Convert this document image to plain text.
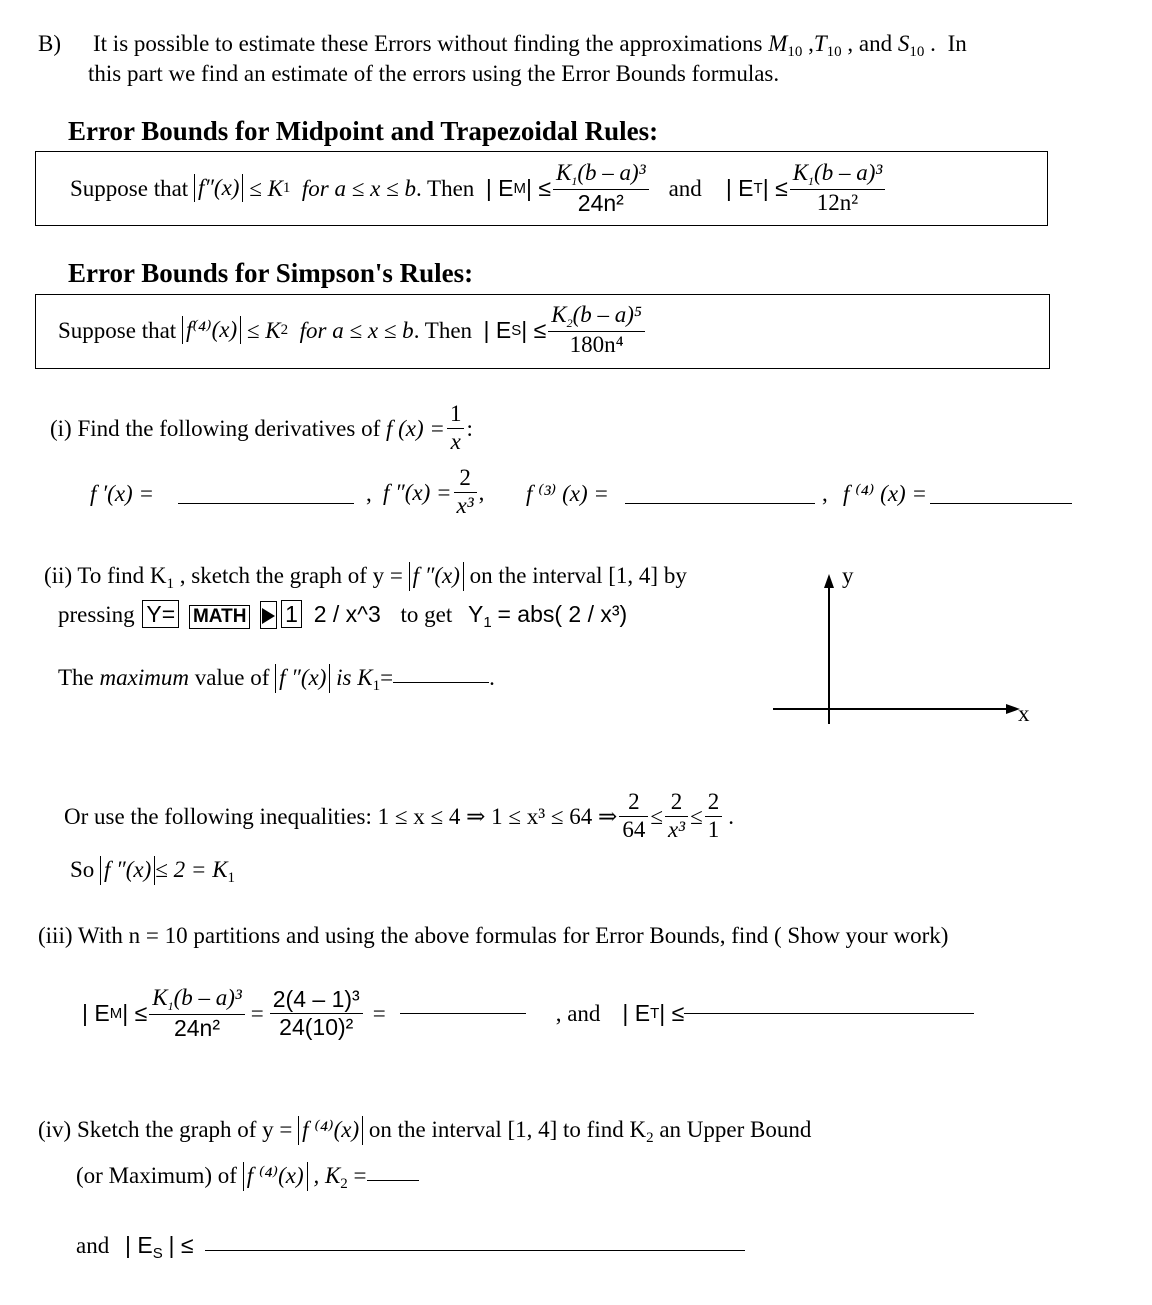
B) It is possible to estimate these Errors without finding the approximations $M_{10}$ $,T_{10}$ , and $S_{10}$ . In
this part we find an estimate of the errors using the Error Bounds formulas.
Error Bounds for Midpoint and Trapezoidal Rules:
Suppose that
f″(x)
≤ K 1
for a ≤ x ≤ b . Then
| E M | ≤ $\frac{K_1(b - a)^3}{\text{24n²}}$ and | E T | ≤ $\frac{K_1(b - a)^3}{\text{12n²}}$
Error Bounds for Simpson's Rules:
Suppose that
f⁽⁴⁾(x)
≤ K 2
for a ≤ x ≤ b . Then
| E S | ≤ $\frac{K_2(b - a)^5}{\text{180n⁴}}$
(i) Find the following derivatives of
f $(x) = \frac{1}{x}$ :
f ′(x) =	, f $''(x) = \frac{2}{\text{x³}}$ , f ⁽³⁾ (x) =	, f ⁽⁴⁾ (x) =
(ii) To find $K_1$ , sketch the graph of y = f ″(x) on the interval [1, 4] by
pressing Y= MATH 1 2 / x^3 to get $Y_1 = abs$( 2 / x³)
The maximum value of f ″(x) is $K_1=$	.
y
x
Or use the following inequalities: 1 ≤ x ≤ 4 ⇒ 1 ≤ x³ ≤ 64 ⇒ $\frac{2}{64} \le \frac{2}{\text{x³}} \le \frac{2}{1}$ .
So f $''(x) \le 2 = K_1$
(iii) With n = 10 partitions and using the above formulas for Error Bounds, find ( Show your work)
| E M | ≤ $\frac{K_1(b - a)^3}{\text{24n²}} = \frac{\text{2(4 – 1)³}}{\text{24(10)²}}$ =	, and | E T | ≤
(iv) Sketch the graph of y = f ⁽⁴⁾(x) on the interval [1, 4] to find $K_2$ an Upper Bound
(or Maximum) of f ⁽⁴⁾(x) , $K_2$ =
and | $E_S$ | ≤
